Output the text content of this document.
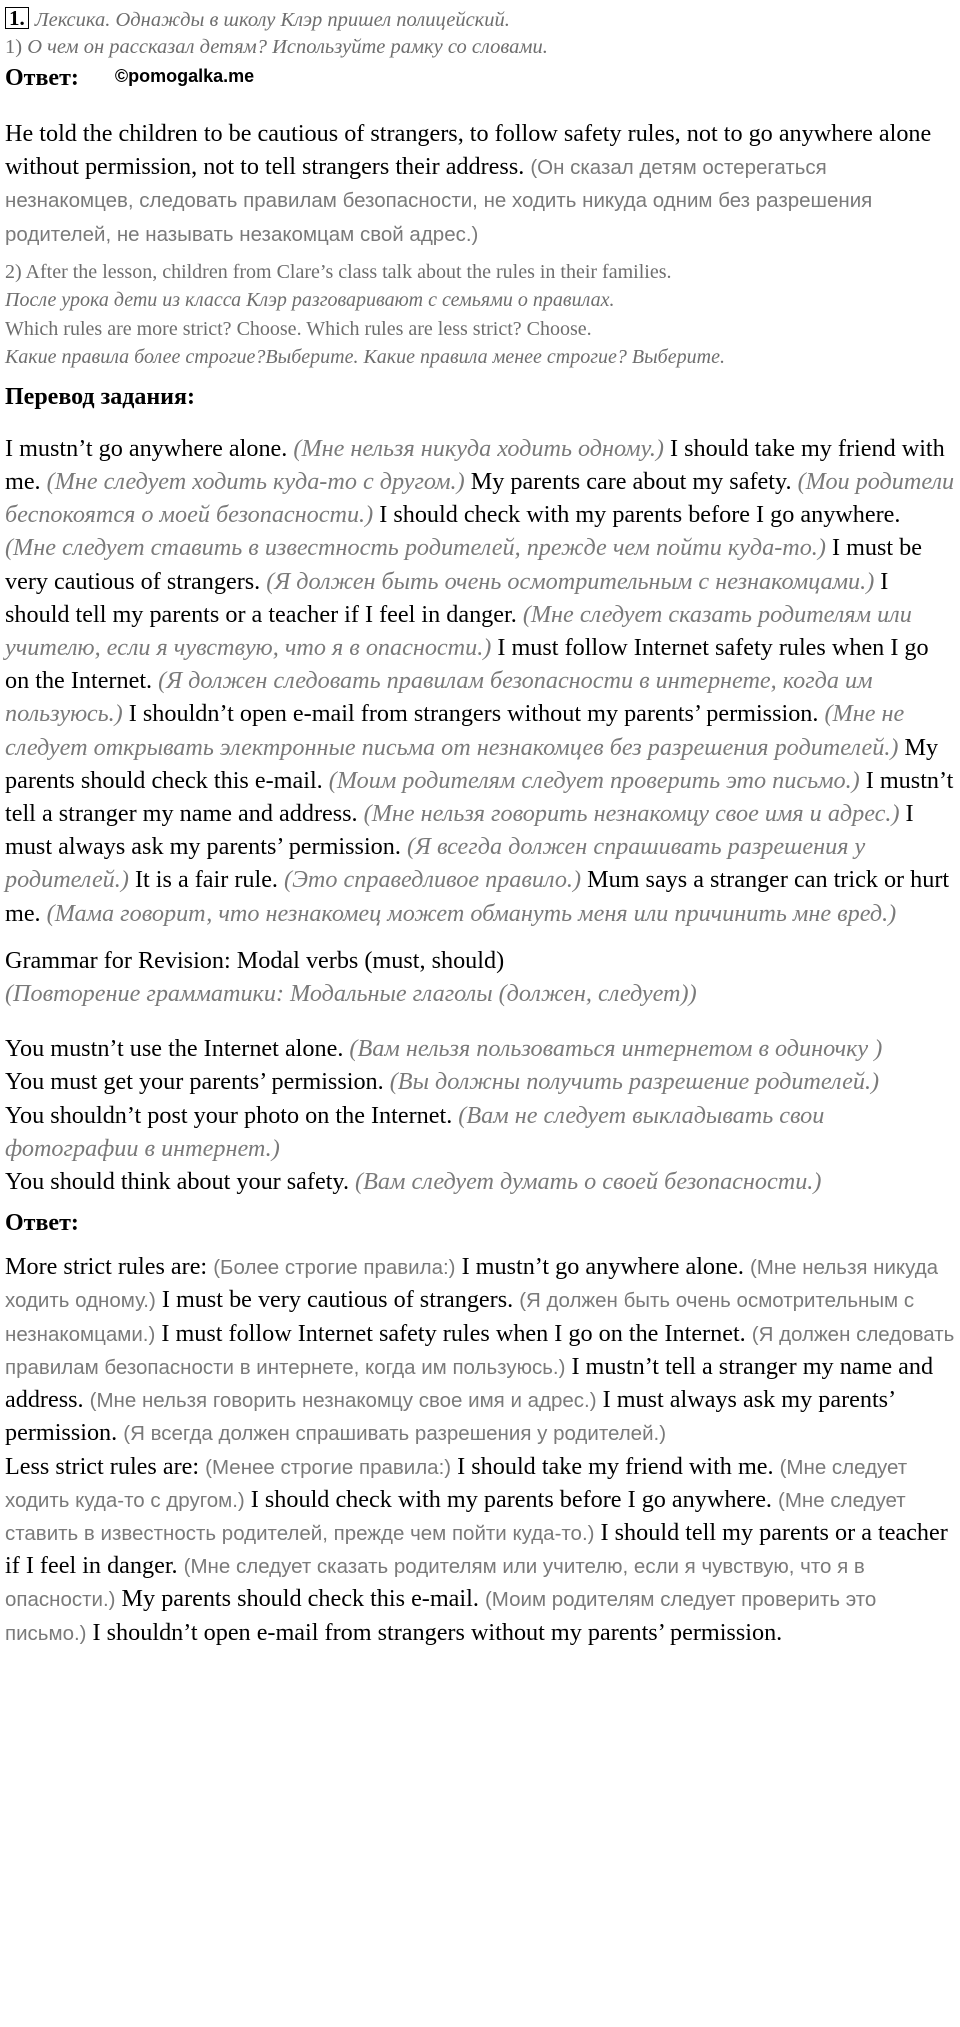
1. Лексика. Однажды в школу Клэр пришел полицейский.
1) О чем он рассказал детям? Используйте рамку со словами.
Ответ: ©pomogalka.me

He told the children to be cautious of strangers, to follow safety rules, not to go anywhere alone without permission, not to tell strangers their address. (Он сказал детям остерегаться незнакомцев, следовать правилам безопасности, не ходить никуда одним без разрешения родителей, не называть незакомцам свой адрес.)

2) After the lesson, children from Clare’s class talk about the rules in their families.
После урока дети из класса Клэр разговаривают с семьями о правилах.
Which rules are more strict? Choose. Which rules are less strict? Choose.
Какие правила более строгие?Выберите. Какие правила менее строгие? Выберите.
Перевод задания:

I mustn’t go anywhere alone. (Мне нельзя никуда ходить одному.) I should take my friend with me. (Мне следует ходить куда-то с другом.) My parents care about my safety. (Мои родители беспокоятся о моей безопасности.) I should check with my parents before I go anywhere. (Мне следует ставить в известность родителей, прежде чем пойти куда-то.) I must be very cautious of strangers. (Я должен быть очень осмотрительным с незнакомцами.) I should tell my parents or a teacher if I feel in danger. (Мне следует сказать родителям или учителю, если я чувствую, что я в опасности.) I must follow Internet safety rules when I go on the Internet. (Я должен следовать правилам безопасности в интернете, когда им пользуюсь.) I shouldn’t open e-mail from strangers without my parents’ permission. (Мне не следует открывать электронные письма от незнакомцев без разрешения родителей.) My parents should check this e-mail. (Моим родителям следует проверить это письмо.) I mustn’t tell a stranger my name and address. (Мне нельзя говорить незнакомцу свое имя и адрес.) I must always ask my parents’ permission. (Я всегда должен спрашивать разрешения у родителей.) It is a fair rule. (Это справедливое правило.) Mum says a stranger can trick or hurt me. (Мама говорит, что незнакомец может обмануть меня или причинить мне вред.)

Grammar for Revision: Modal verbs (must, should)
(Повторение грамматики: Модальные глаголы (должен, следует))

You mustn’t use the Internet alone. (Вам нельзя пользоваться интернетом в одиночку )

You must get your parents’ permission. (Вы должны получить разрешение родителей.)

You shouldn’t post your photo on the Internet. (Вам не следует выкладывать свои фотографии в интернет.)

You should think about your safety. (Вам следует думать о своей безопасности.)

Ответ:

More strict rules are: (Более строгие правила:) I mustn’t go anywhere alone. (Мне нельзя никуда ходить одному.) I must be very cautious of strangers. (Я должен быть очень осмотрительным с незнакомцами.) I must follow Internet safety rules when I go on the Internet. (Я должен следовать правилам безопасности в интернете, когда им пользуюсь.) I mustn’t tell a stranger my name and address. (Мне нельзя говорить незнакомцу свое имя и адрес.) I must always ask my parents’ permission. (Я всегда должен спрашивать разрешения у родителей.)

Less strict rules are: (Менее строгие правила:) I should take my friend with me. (Мне следует ходить куда-то с другом.) I should check with my parents before I go anywhere. (Мне следует ставить в известность родителей, прежде чем пойти куда-то.) I should tell my parents or a teacher if I feel in danger. (Мне следует сказать родителям или учителю, если я чувствую, что я в опасности.) My parents should check this e-mail. (Моим родителям следует проверить это письмо.) I shouldn’t open e-mail from strangers without my parents’ permission.
